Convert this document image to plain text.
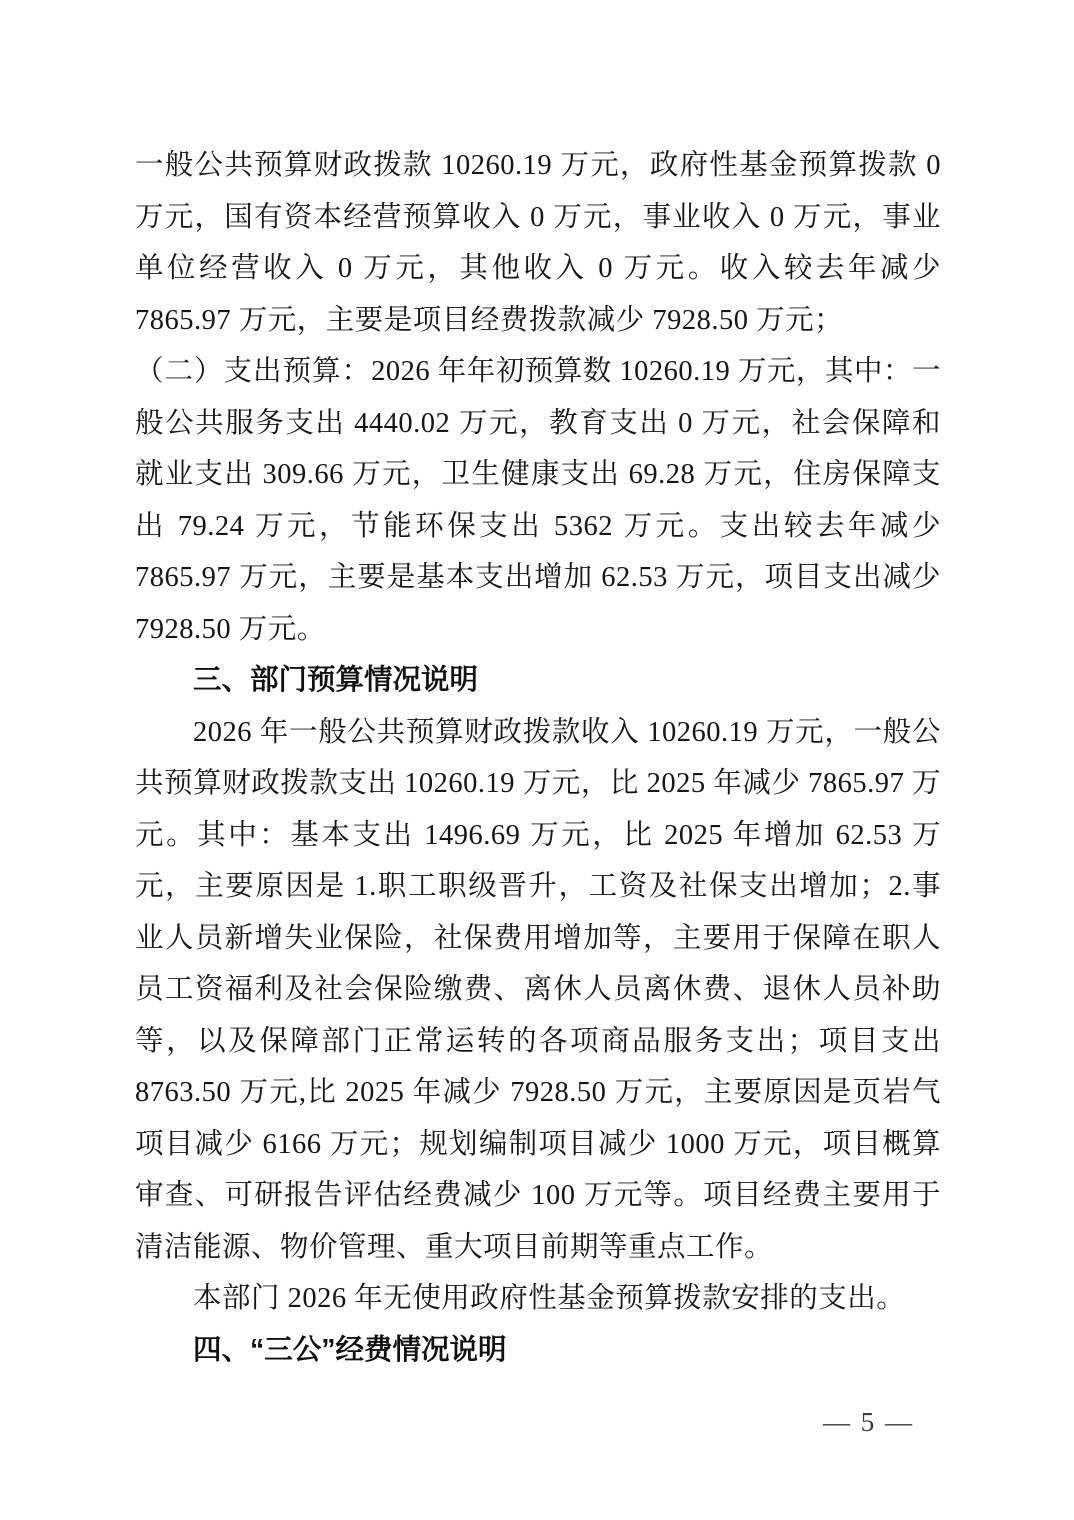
一般公共预算财政拨款 10260.19 万元，政府性基金预算拨款 0 万元，国有资本经营预算收入 0 万元，事业收入 0 万元，事业单位经营收入 0 万元，其他收入 0 万元。收入较去年减少 7865.97 万元，主要是项目经费拨款减少 7928.50 万元；

（二）支出预算：2026 年年初预算数 10260.19 万元，其中：一般公共服务支出 4440.02 万元，教育支出 0 万元，社会保障和就业支出 309.66 万元，卫生健康支出 69.28 万元，住房保障支出 79.24 万元，节能环保支出 5362 万元。支出较去年减少 7865.97 万元，主要是基本支出增加 62.53 万元，项目支出减少 7928.50 万元。

三、部门预算情况说明

2026 年一般公共预算财政拨款收入 10260.19 万元，一般公共预算财政拨款支出 10260.19 万元，比 2025 年减少 7865.97 万元。其中：基本支出 1496.69 万元，比 2025 年增加 62.53 万元，主要原因是 1.职工职级晋升，工资及社保支出增加；2.事业人员新增失业保险，社保费用增加等，主要用于保障在职人员工资福利及社会保险缴费、离休人员离休费、退休人员补助等，以及保障部门正常运转的各项商品服务支出；项目支出 8763.50 万元,比 2025 年减少 7928.50 万元，主要原因是页岩气项目减少 6166 万元；规划编制项目减少 1000 万元，项目概算审查、可研报告评估经费减少 100 万元等。项目经费主要用于清洁能源、物价管理、重大项目前期等重点工作。

本部门 2026 年无使用政府性基金预算拨款安排的支出。

四、“三公”经费情况说明
— 5 —
